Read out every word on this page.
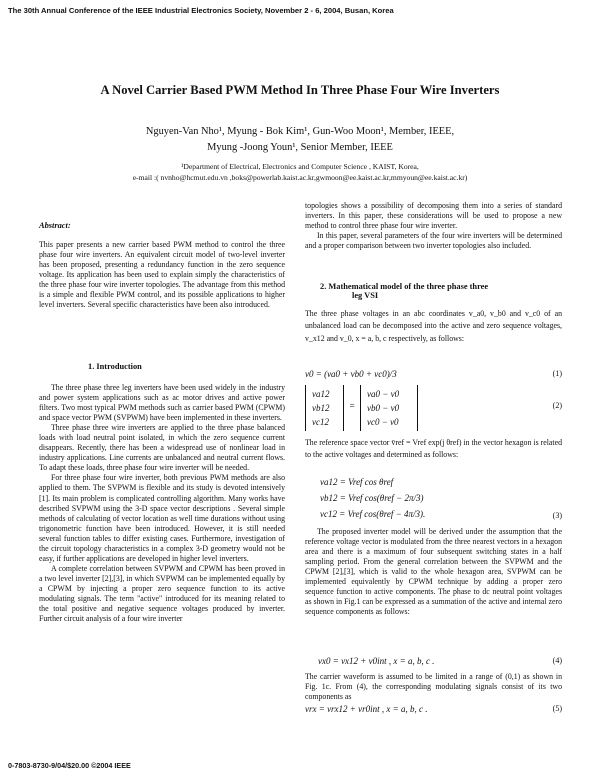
The 30th Annual Conference of the IEEE Industrial Electronics Society, November 2 - 6, 2004, Busan, Korea
A Novel Carrier Based PWM Method In Three Phase Four Wire Inverters
Nguyen-Van Nho¹, Myung - Bok Kim¹, Gun-Woo Moon¹, Member, IEEE,
Myung -Joong Youn¹, Senior Member, IEEE
¹Department of Electrical, Electronics and Computer Science , KAIST, Korea,
e-mail :( nvnho@hcmut.edu.vn ,boks@powerlab.kaist.ac.kr,gwmoon@ee.kaist.ac.kr,mmyoun@ee.kaist.ac.kr)
Abstract:

This paper presents a new carrier based PWM method to control the three phase four wire inverters. An equivalent circuit model of two-level inverter has been proposed, presenting a redundancy function in the zero sequence voltage. Its application has been used to explain simply the characteristics of the three phase four wire inverter topologies. The advantage from this method is a simple and flexible PWM control, and its possible applications to higher level inverters. Several specific characteristics have been also introduced.

1. Introduction

The three phase three leg inverters have been used widely in the industry and power system applications such as ac motor drives and active power filters. Two most typical PWM methods such as carrier based PWM (CPWM) and space vector PWM (SVPWM) have been implemented in these inverters.

Three phase three wire inverters are applied to the three phase balanced loads with load neutral point isolated, in which the zero sequence current disappears. Recently, there has been a widespread use of nonlinear load in industry applications. Line currents are unbalanced and neutral current flows. To adapt these loads, three phase four wire inverter will be needed.

For three phase four wire inverter, both previous PWM methods are also applied to them. The SVPWM is flexible and its study is devoted intensively [1]. Its main problem is complicated controlling algorithm. Many works have described SVPWM using the 3-D space vector descriptions . Several simple methods of calculating of vector location as well time durations without using trigonometric function have been introduced. However, it is still needed several function tables to differ existing cases. Furthermore, investigation of the circuit topology characteristics in a complex 3-D geometry would not be easy, if further applications are developed in higher level inverters.

A complete correlation between SVPWM and CPWM has been proved in a two level inverter [2],[3], in which SVPWM can be implemented equally by a CPWM by injecting a proper zero sequence function to its active modulating signals. The term "active" introduced for its meaning related to the total positive and negative sequence voltages produced by inverter. Further circuit analysis of a four wire inverter

topologies shows a possibility of decomposing them into a series of standard inverters. In this paper, these considerations will be used to propose a new method to control three phase four wire inverter.

In this paper, several parameters of the four wire inverters will be determined and a proper comparison between two inverter topologies also included.

2. Mathematical model of the three phase three
leg VSI
The three phase voltages in an abc coordinates v_a0, v_b0 and v_c0 of an unbalanced load can be decomposed into the active and zero sequence voltages, v_x12 and v_0, x = a, b, c respectively, as follows:
v0 = (va0 + vb0 + vc0)/3	(1)
va12
vb12
vc12
=
va0 − v0
vb0 − v0
vc0 − v0
(2)
The reference space vector v̄ref = Vref exp(j θref) in the vector hexagon is related to the active voltages and determined as follows:
va12 = Vref cos θref
vb12 = Vref cos(θref − 2π/3)
vc12 = Vref cos(θref − 4π/3).	(3)
The proposed inverter model will be derived under the assumption that the reference voltage vector is modulated from the three nearest vectors in a hexagon area and there is a maximum of four subsequent switching states in a half sampling period. From the general correlation between the SVPWM and the CPWM [2],[3], which is valid to the whole hexagon area, SVPWM can be implemented equivalently by CPWM technique by adding a proper zero sequence function to active components. The phase to dc neutral point voltages as shown in Fig.1 can be expressed as a summation of the active and internal zero sequence components as follows:
vx0 = vx12 + v0int , x = a, b, c .	(4)
The carrier waveform is assumed to be limited in a range of (0,1) as shown in Fig. 1c. From (4), the corresponding modulating signals consist of its two components as
vrx = vrx12 + vr0int , x = a, b, c .	(5)
0-7803-8730-9/04/$20.00 ©2004 IEEE
